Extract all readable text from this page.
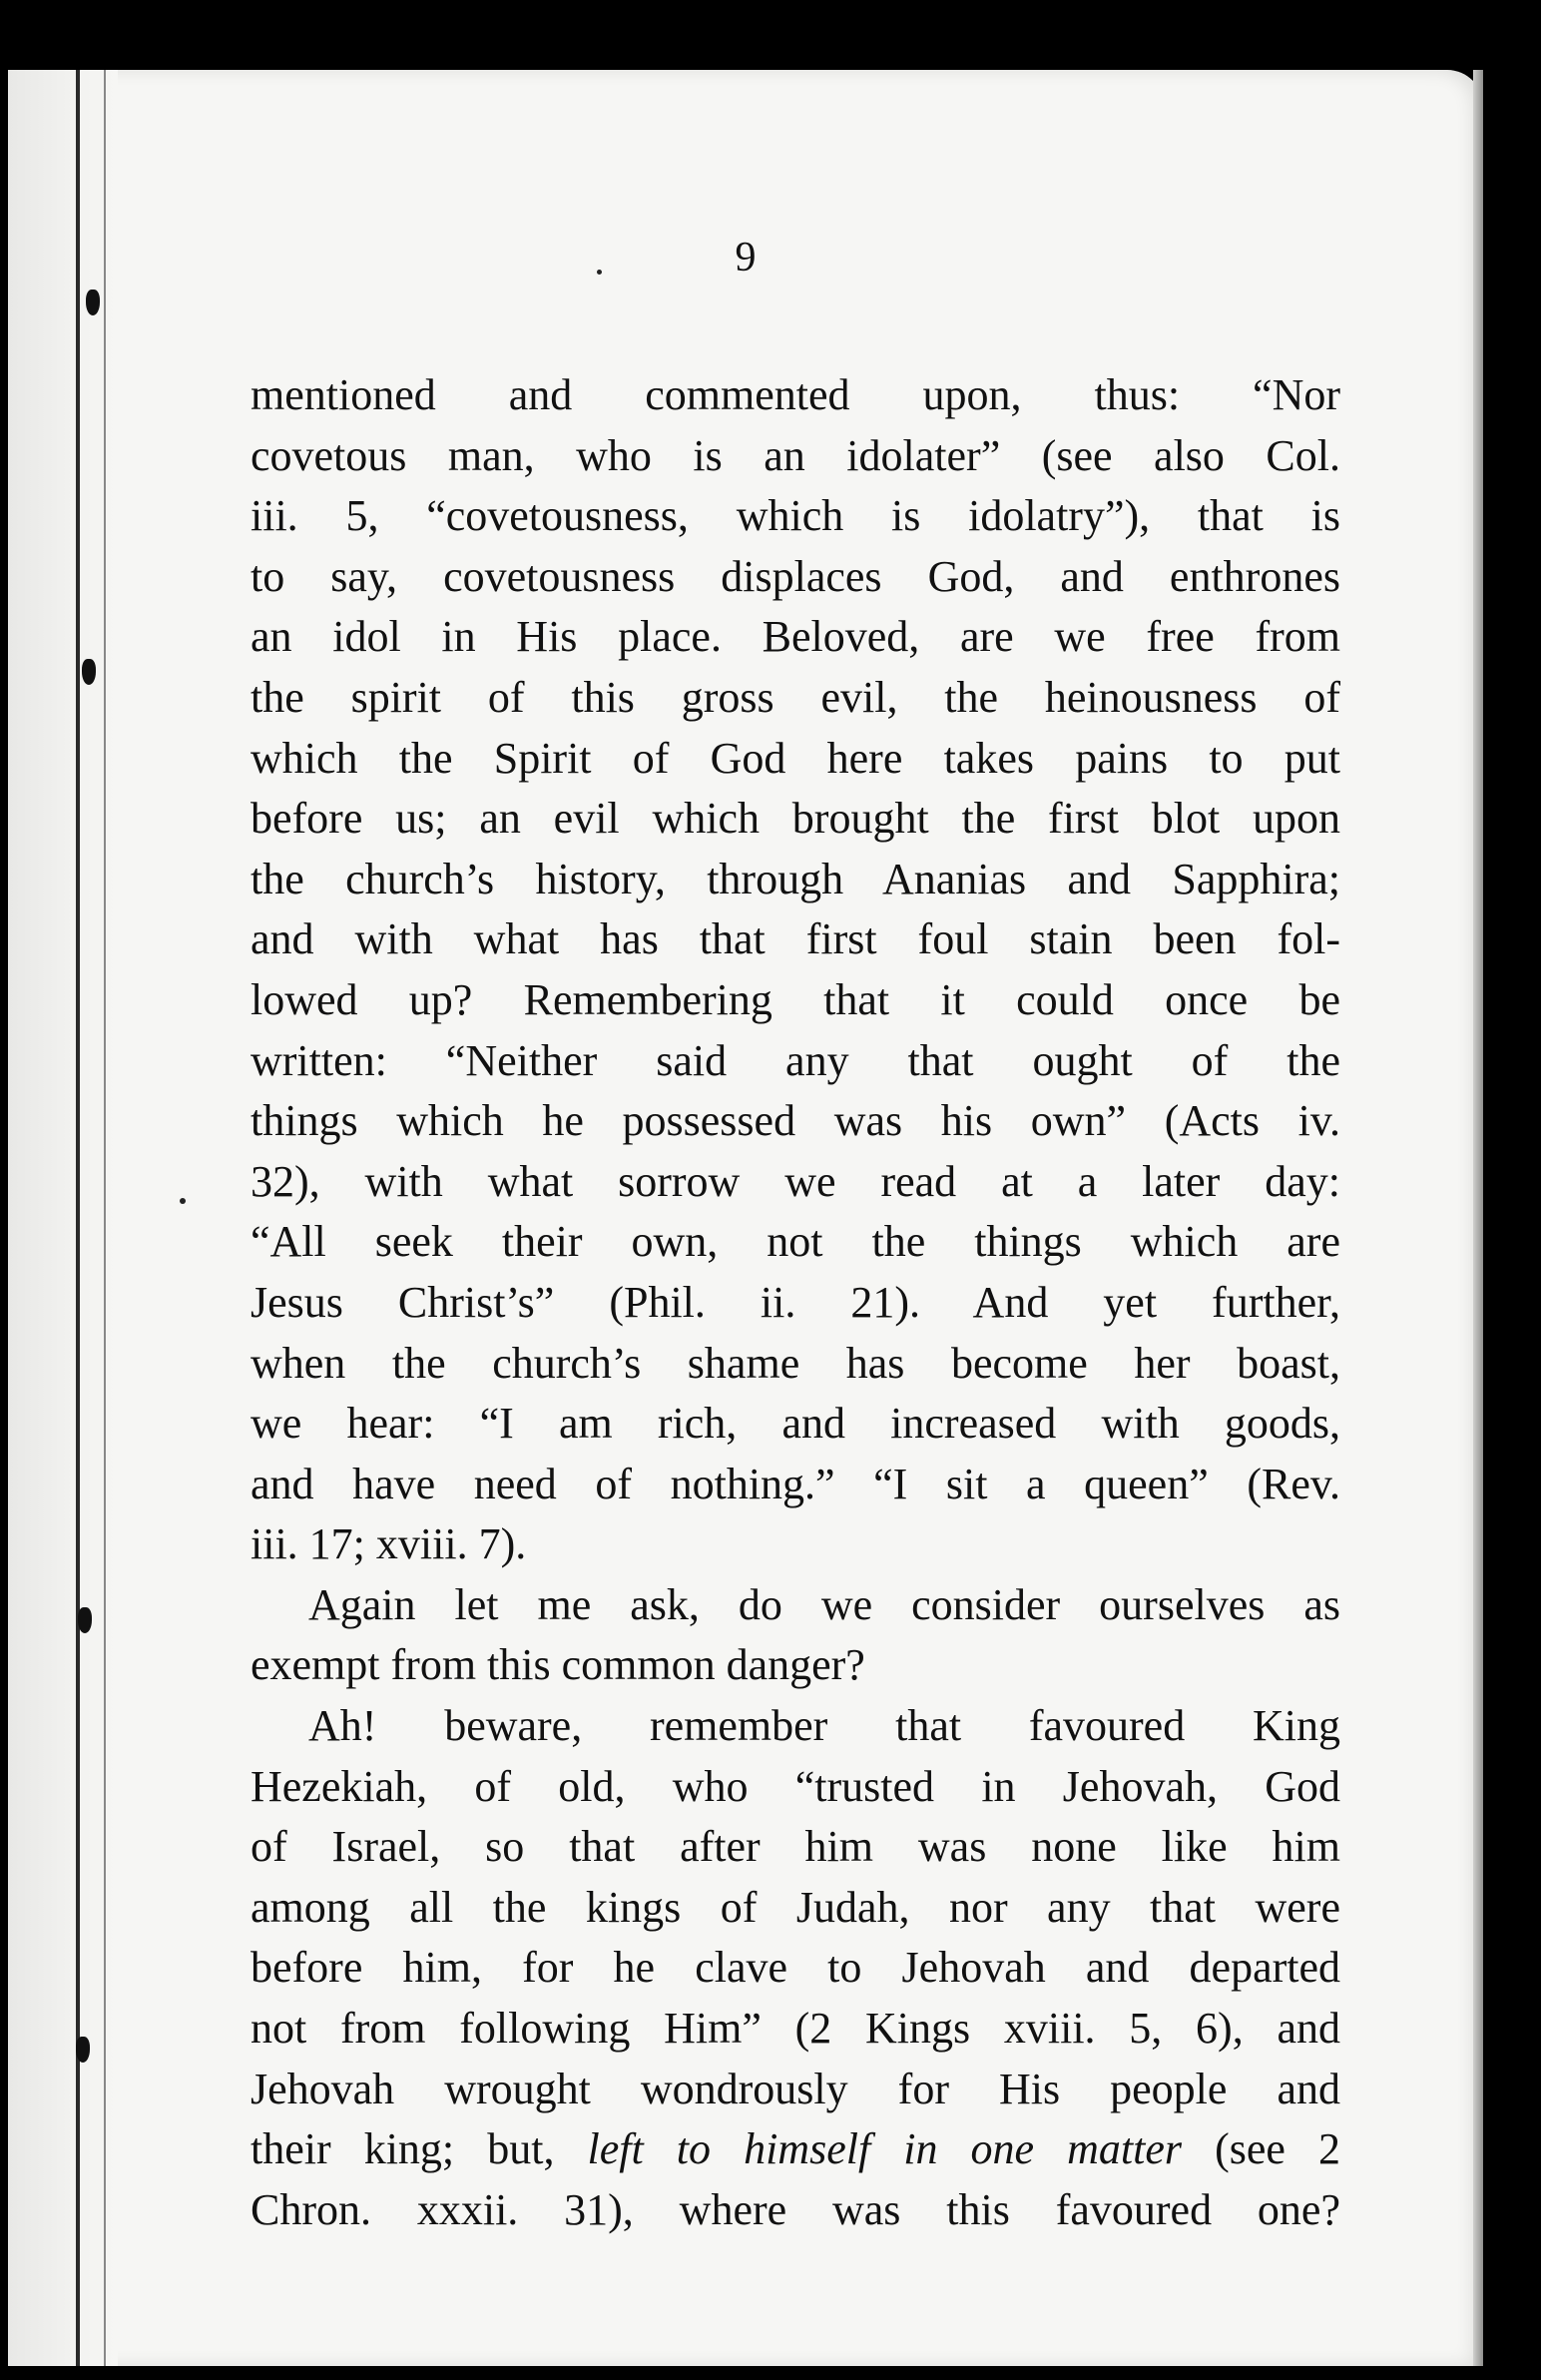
9
mentioned and commented upon, thus: “Nor
covetous man, who is an idolater” (see also Col.
iii. 5, “covetousness, which is idolatry”), that is
to say, covetousness displaces God, and enthrones
an idol in His place. Beloved, are we free from
the spirit of this gross evil, the heinousness of
which the Spirit of God here takes pains to put
before us; an evil which brought the first blot upon
the church’s history, through Ananias and Sapphira;
and with what has that first foul stain been fol-
lowed up? Remembering that it could once be
written: “Neither said any that ought of the
things which he possessed was his own” (Acts iv.
32), with what sorrow we read at a later day:
“All seek their own, not the things which are
Jesus Christ’s” (Phil. ii. 21). And yet further,
when the church’s shame has become her boast,
we hear: “I am rich, and increased with goods,
and have need of nothing.” “I sit a queen” (Rev.
iii. 17; xviii. 7).
Again let me ask, do we consider ourselves as
exempt from this common danger?
Ah! beware, remember that favoured King
Hezekiah, of old, who “trusted in Jehovah, God
of Israel, so that after him was none like him
among all the kings of Judah, nor any that were
before him, for he clave to Jehovah and departed
not from following Him” (2 Kings xviii. 5, 6), and
Jehovah wrought wondrously for His people and
their king; but, left to himself in one matter (see 2
Chron. xxxii. 31), where was this favoured one?
